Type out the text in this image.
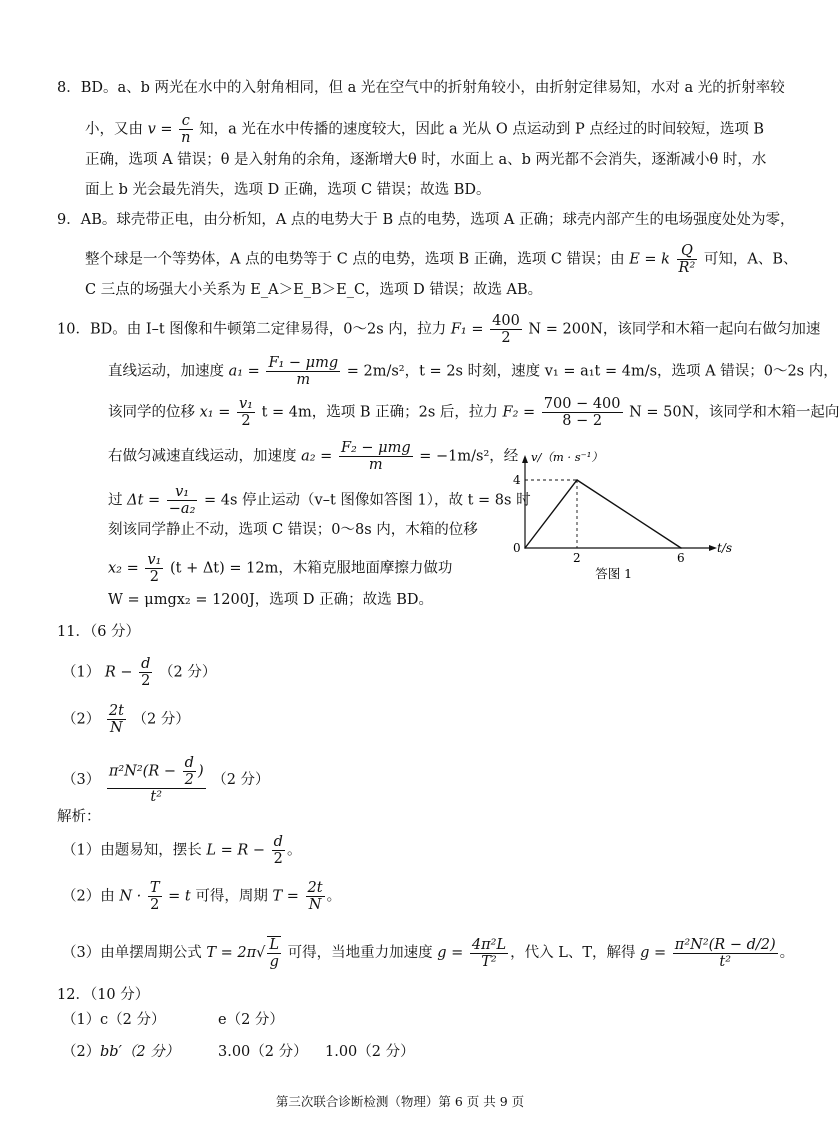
8．BD。a、b 两光在水中的入射角相同，但 a 光在空气中的折射角较小，由折射定律易知，水对 a 光的折射率较
小，又由 $v = \frac{c}{n}$ 知，a 光在水中传播的速度较大，因此 a 光从 O 点运动到 P 点经过的时间较短，选项 B
正确，选项 A 错误；θ 是入射角的余角，逐渐增大θ 时，水面上 a、b 两光都不会消失，逐渐减小θ 时，水
面上 b 光会最先消失，选项 D 正确，选项 C 错误；故选 BD。
9．AB。球壳带正电，由分析知，A 点的电势大于 B 点的电势，选项 A 正确；球壳内部产生的电场强度处处为零，
整个球是一个等势体，A 点的电势等于 C 点的电势，选项 B 正确，选项 C 错误；由 E = k $\frac{Q}{\text{R²}}$ 可知，A、B、
C 三点的场强大小关系为 E_A＞E_B＞E_C，选项 D 错误；故选 AB。
10．BD。由 I–t 图像和牛顿第二定律易得，0～2s 内，拉力 $F_1 = \frac{400}{2}$ N = 200N，该同学和木箱一起向右做匀加速
直线运动，加速度 $a_1 = \frac{\text{F₁ − μmg}}{m} = 2m/s^2$，t = 2s 时刻，速度 v₁ = a₁t = 4m/s，选项 A 错误；0～2s 内，
该同学的位移 $x_1 = \frac{\text{v₁}}{2}$ t = 4m，选项 B 正确；2s 后，拉力 $F_2 = \frac{700 - 400}{8 - 2}$ N = 50N，该同学和木箱一起向
右做匀减速直线运动，加速度 $a_2 = \frac{\text{F₂ − μmg}}{m} = -1m/s^2$，经
过 $\Delta t = \frac{\text{v₁}}{\text{−a₂}} = 4s$ 停止运动（v–t 图像如答图 1），故 t = 8s 时
刻该同学静止不动，选项 C 错误；0～8s 内，木箱的位移
$x_2 = \frac{\text{v₁}}{2} (t + \Delta t) = 12m$，木箱克服地面摩擦力做功
W = μmgx₂ = 1200J，选项 D 正确；故选 BD。
0
2	6
4
v/（m · s⁻¹）
t/s
答图 1
11．（6 分）
（1） $R - \frac{d}{2} (2$ 分）
$(2) \frac{2t}{N} (2$ 分）
$(3) \frac{\pi^2N^2(R - \frac{d}{2} )}{\text{t²}} (2$ 分）
解析：
（1）由题易知，摆长 $L = R - \frac{d}{2}$ 。
（2）由 $N \cdot \frac{T}{2} = t$ 可得，周期 $T = \frac{2t}{N}$ 。
（3）由单摆周期公式 $T = 2\pi√ \frac{L}{g}$ 可得，当地重力加速度 $g = \frac{\text{4π²L}}{\text{T²}}$ ，代入 L、T，解得 $g = \frac{\text{π²N²(R − d/2)}}{\text{t²}}$ 。
12．（10 分）
（1） c（2 分）	e（2 分）
（2） bb′（2 分）	3.00（2 分） 1.00（2 分）
第三次联合诊断检测（物理）第 6 页 共 9 页
